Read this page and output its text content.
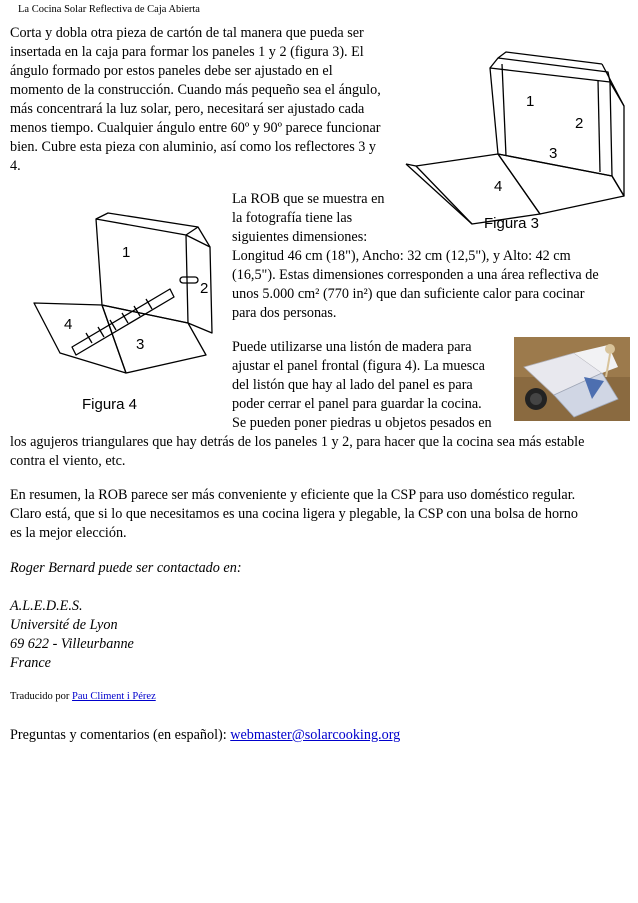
La Cocina Solar Reflectiva de Caja Abierta
Corta y dobla otra pieza de cartón de tal manera que pueda ser
insertada en la caja para formar los paneles 1 y 2 (figura 3). El
ángulo formado por estos paneles debe ser ajustado en el
momento de la construcción. Cuando más pequeño sea el ángulo,
más concentrará la luz solar, pero, necesitará ser ajustado cada
menos tiempo. Cualquier ángulo entre 60º y 90º parece funcionar
bien. Cubre esta pieza con aluminio, así como los reflectores 3 y
4.
1
2
3
4
Figura 3
1
2
3
4
Figura 4
La ROB que se muestra en
la fotografía tiene las
siguientes dimensiones:
Longitud 46 cm (18"), Ancho: 32 cm (12,5"), y Alto: 42 cm
(16,5"). Estas dimensiones corresponden a una área reflectiva de
unos 5.000 cm² (770 in²) que dan suficiente calor para cocinar
para dos personas.
Puede utilizarse una listón de madera para
ajustar el panel frontal (figura 4). La muesca
del listón que hay al lado del panel es para
poder cerrar el panel para guardar la cocina.
Se pueden poner piedras u objetos pesados en
los agujeros triangulares que hay detrás de los paneles 1 y 2, para hacer que la cocina sea más estable
contra el viento, etc.
En resumen, la ROB parece ser más conveniente y eficiente que la CSP para uso doméstico regular.
Claro está, que si lo que necesitamos es una cocina ligera y plegable, la CSP con una bolsa de horno
es la mejor elección.
Roger Bernard puede ser contactado en:
A.L.E.D.E.S.
Université de Lyon
69 622 - Villeurbanne
France
Traducido por Pau Climent i Pérez
Preguntas y comentarios (en español): webmaster@solarcooking.org
